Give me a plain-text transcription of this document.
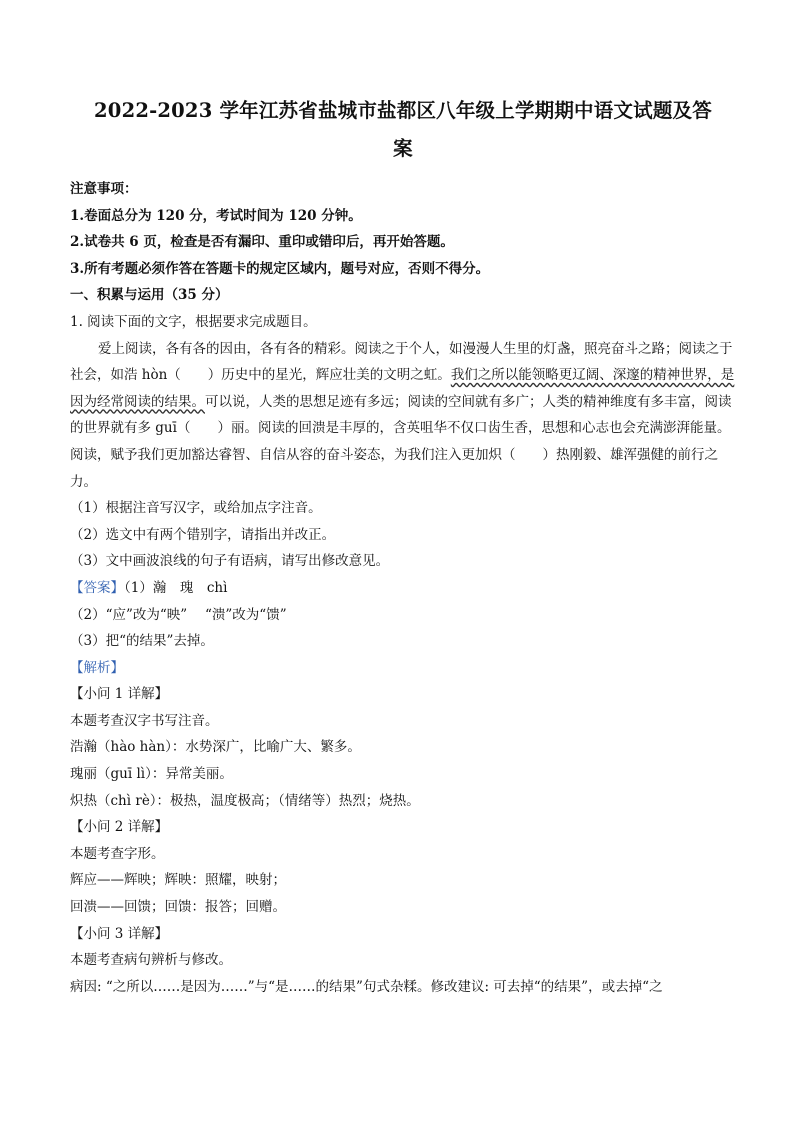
2022-2023 学年江苏省盐城市盐都区八年级上学期期中语文试题及答
案

注意事项：

1.卷面总分为 120 分，考试时间为 120 分钟。

2.试卷共 6 页，检查是否有漏印、重印或错印后，再开始答题。

3.所有考题必须作答在答题卡的规定区域内，题号对应，否则不得分。

一、积累与运用（35 分）

1. 阅读下面的文字，根据要求完成题目。

爱上阅读，各有各的因由，各有各的精彩。阅读之于个人，如漫漫人生里的灯盏，照亮奋斗之路；阅读之于社会，如浩 hòn（　　）历史中的星光，辉应壮美的文明之虹。我们之所以能领略更辽阔、深邃的精神世界，是因为经常阅读的结果。可以说，人类的思想足迹有多远；阅读的空间就有多广；人类的精神维度有多丰富，阅读的世界就有多 guī（　　）丽。阅读的回溃是丰厚的，含英咀华不仅口齿生香，思想和心志也会充满澎湃能量。阅读，赋予我们更加豁达睿智、自信从容的奋斗姿态，为我们注入更加炽（　　）热刚毅、雄浑强健的前行之力。

（1）根据注音写汉字，或给加点字注音。

（2）选文中有两个错别字，请指出并改正。

（3）文中画波浪线的句子有语病，请写出修改意见。

【答案】（1）瀚　瑰　chì

（2）“应”改为“映”　 “溃”改为“馈”

（3）把“的结果”去掉。

【解析】

【小问 1 详解】

本题考查汉字书写注音。

浩瀚（hào hàn）：水势深广，比喻广大、繁多。

瑰丽（guī lì）：异常美丽。

炽热（chì rè）：极热，温度极高；（情绪等）热烈；烧热。

【小问 2 详解】

本题考查字形。

辉应——辉映；辉映：照耀，映射；

回溃——回馈；回馈：报答；回赠。

【小问 3 详解】

本题考查病句辨析与修改。

病因: “之所以……是因为……”与“是……的结果”句式杂糅。修改建议: 可去掉“的结果”，或去掉“之
